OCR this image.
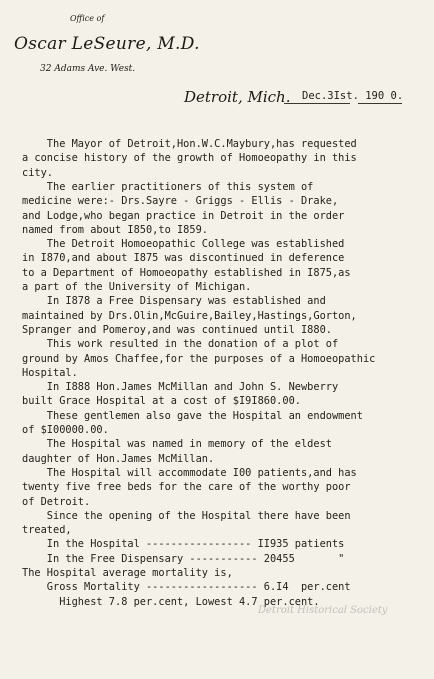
Office of
Oscar LeSeure, M.D.
32 Adams Ave. West.
Detroit, Mich. Dec.3Ist. 190 0.
The Mayor of Detroit,Hon.W.C.Maybury,has requested
a concise history of the growth of Homoeopathy in this
city.
The earlier practitioners of this system of
medicine were:- Drs.Sayre - Griggs - Ellis - Drake,
and Lodge,who began practice in Detroit in the order
named from about I850,to I859.
The Detroit Homoeopathic College was established
in I870,and about I875 was discontinued in deference
to a Department of Homoeopathy established in I875,as
a part of the University of Michigan.
In I878 a Free Dispensary was established and
maintained by Drs.Olin,McGuire,Bailey,Hastings,Gorton,
Spranger and Pomeroy,and was continued until I880.
This work resulted in the donation of a plot of
ground by Amos Chaffee,for the purposes of a Homoeopathic
Hospital.
In I888 Hon.James McMillan and John S. Newberry
built Grace Hospital at a cost of $I9I860.00.
These gentlemen also gave the Hospital an endowment
of $I00000.00.
The Hospital was named in memory of the eldest
daughter of Hon.James McMillan.
The Hospital will accommodate I00 patients,and has
twenty five free beds for the care of the worthy poor
of Detroit.
Since the opening of the Hospital there have been
treated,
In the Hospital ----------------- II935 patients
In the Free Dispensary ----------- 20455       "
The Hospital average mortality is,
Gross Mortality ------------------ 6.I4  per.cent
Highest 7.8 per.cent, Lowest 4.7 per.cent.
Detroit Historical Society
